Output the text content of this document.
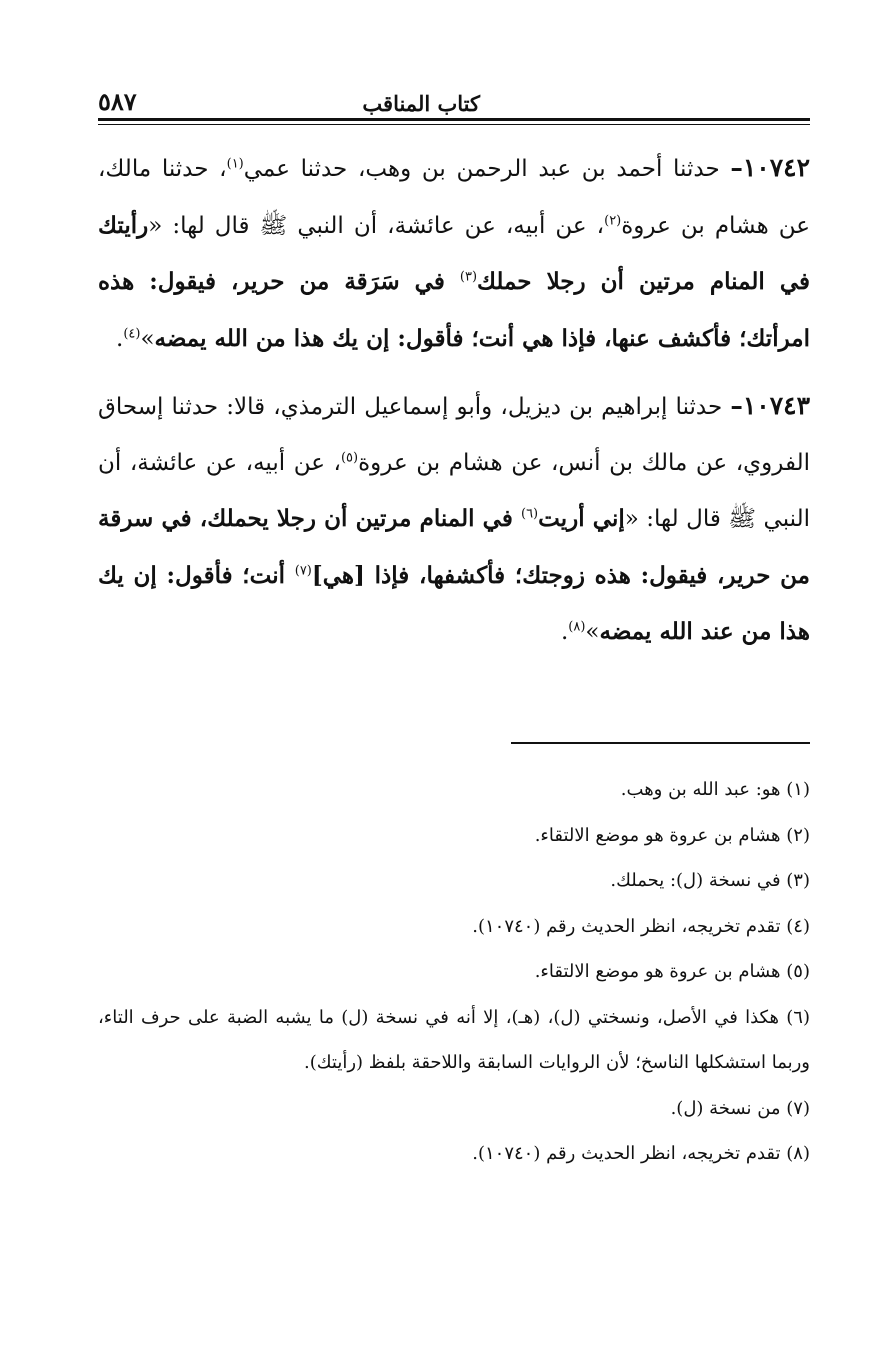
كتاب المناقب
٥٨٧

١٠٧٤٢– حدثنا أحمد بن عبد الرحمن بن وهب، حدثنا عمي$^{(١)}$، حدثنا مالك، عن هشام بن عروة$^{(٢)}$، عن أبيه، عن عائشة، أن النبي ﷺ قال لها: «رأيتك في المنام مرتين أن رجلا حملك$^{(٣)}$ في سَرَقة من حرير، فيقول: هذه امرأتك؛ فأكشف عنها، فإذا هي أنت؛ فأقول: إن يك هذا من الله يمضه»$^{(٤)}$.

١٠٧٤٣– حدثنا إبراهيم بن ديزيل، وأبو إسماعيل الترمذي، قالا: حدثنا إسحاق الفروي، عن مالك بن أنس، عن هشام بن عروة$^{(٥)}$، عن أبيه، عن عائشة، أن النبي ﷺ قال لها: «إني أريت$^{(٦)}$ في المنام مرتين أن رجلا يحملك، في سرقة من حرير، فيقول: هذه زوجتك؛ فأكشفها، فإذا [هي]$^{(٧)}$ أنت؛ فأقول: إن يك هذا من عند الله يمضه»$^{(٨)}$.

(١) هو: عبد الله بن وهب.

(٢) هشام بن عروة هو موضع الالتقاء.

(٣) في نسخة (ل): يحملك.

(٤) تقدم تخريجه، انظر الحديث رقم (١٠٧٤٠).

(٥) هشام بن عروة هو موضع الالتقاء.

(٦) هكذا في الأصل، ونسختي (ل)، (هـ)، إلا أنه في نسخة (ل) ما يشبه الضبة على حرف التاء، وربما استشكلها الناسخ؛ لأن الروايات السابقة واللاحقة بلفظ (رأيتك).

(٧) من نسخة (ل).

(٨) تقدم تخريجه، انظر الحديث رقم (١٠٧٤٠).
